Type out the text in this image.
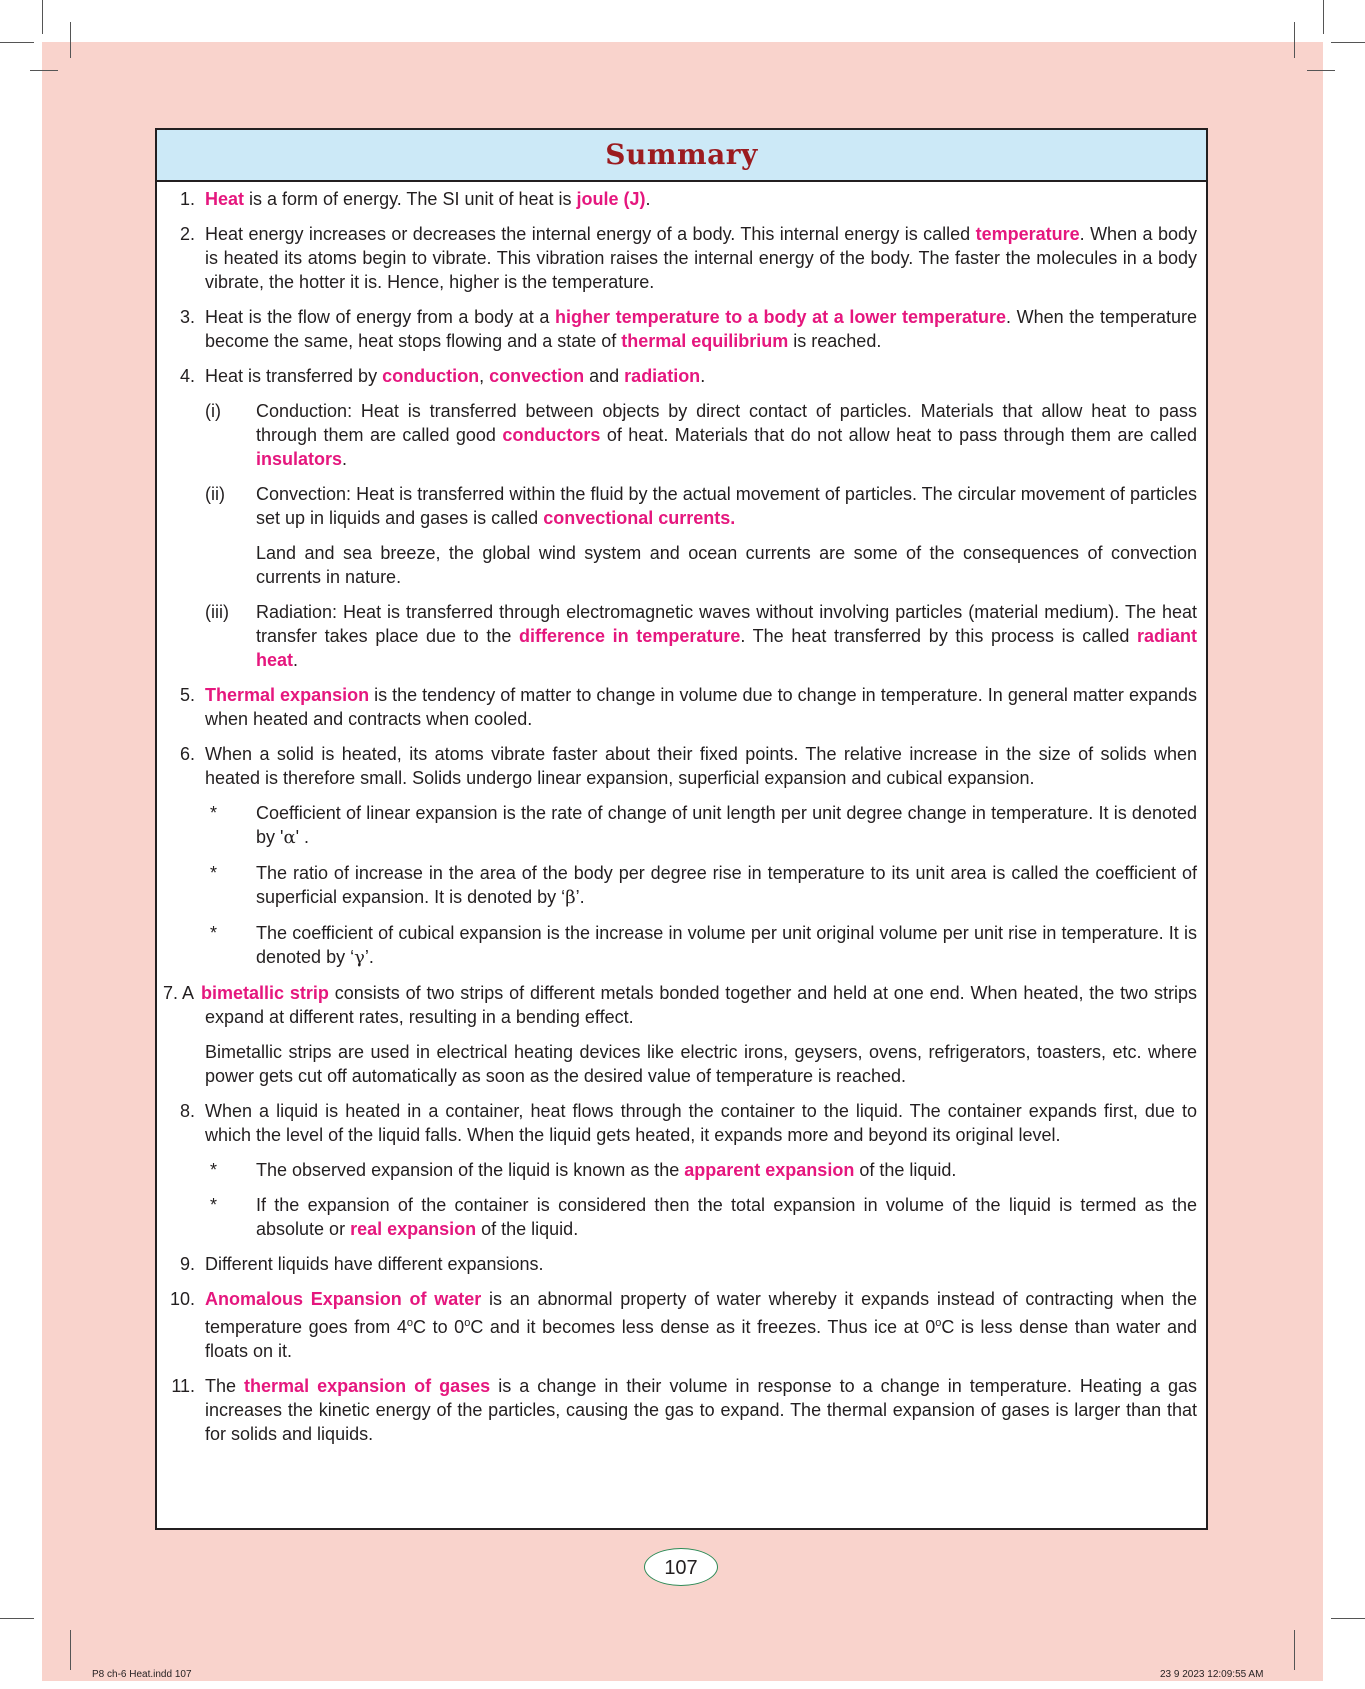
Summary
1. Heat is a form of energy. The SI unit of heat is joule (J).
2. Heat energy increases or decreases the internal energy of a body. This internal energy is called temperature. When a body is heated its atoms begin to vibrate. This vibration raises the internal energy of the body. The faster the molecules in a body vibrate, the hotter it is. Hence, higher is the temperature.
3. Heat is the flow of energy from a body at a higher temperature to a body at a lower temperature. When the temperature become the same, heat stops flowing and a state of thermal equilibrium is reached.
4. Heat is transferred by conduction, convection and radiation.
(i) Conduction: Heat is transferred between objects by direct contact of particles. Materials that allow heat to pass through them are called good conductors of heat. Materials that do not allow heat to pass through them are called insulators.
(ii) Convection: Heat is transferred within the fluid by the actual movement of particles. The circular movement of particles set up in liquids and gases is called convectional currents.
Land and sea breeze, the global wind system and ocean currents are some of the consequences of convection currents in nature.
(iii) Radiation: Heat is transferred through electromagnetic waves without involving particles (material medium). The heat transfer takes place due to the difference in temperature. The heat transferred by this process is called radiant heat.
5. Thermal expansion is the tendency of matter to change in volume due to change in temperature. In general matter expands when heated and contracts when cooled.
6. When a solid is heated, its atoms vibrate faster about their fixed points. The relative increase in the size of solids when heated is therefore small. Solids undergo linear expansion, superficial expansion and cubical expansion.
* Coefficient of linear expansion is the rate of change of unit length per unit degree change in temperature. It is denoted by 'α' .
* The ratio of increase in the area of the body per degree rise in temperature to its unit area is called the coefficient of superficial expansion. It is denoted by ‘β’.
* The coefficient of cubical expansion is the increase in volume per unit original volume per unit rise in temperature. It is denoted by ‘γ’.
7. A bimetallic strip consists of two strips of different metals bonded together and held at one end. When heated, the two strips expand at different rates, resulting in a bending effect.
Bimetallic strips are used in electrical heating devices like electric irons, geysers, ovens, refrigerators, toasters, etc. where power gets cut off automatically as soon as the desired value of temperature is reached.
8. When a liquid is heated in a container, heat flows through the container to the liquid. The container expands first, due to which the level of the liquid falls. When the liquid gets heated, it expands more and beyond its original level.
* The observed expansion of the liquid is known as the apparent expansion of the liquid.
* If the expansion of the container is considered then the total expansion in volume of the liquid is termed as the absolute or real expansion of the liquid.
9. Different liquids have different expansions.
10. Anomalous Expansion of water is an abnormal property of water whereby it expands instead of contracting when the temperature goes from 4$^o$C to 0$^o$C and it becomes less dense as it freezes. Thus ice at 0$^o$C is less dense than water and floats on it.
11. The thermal expansion of gases is a change in their volume in response to a change in temperature. Heating a gas increases the kinetic energy of the particles, causing the gas to expand. The thermal expansion of gases is larger than that for solids and liquids.
107
P8 ch-6 Heat.indd 107	23 9 2023 12:09:55 AM
